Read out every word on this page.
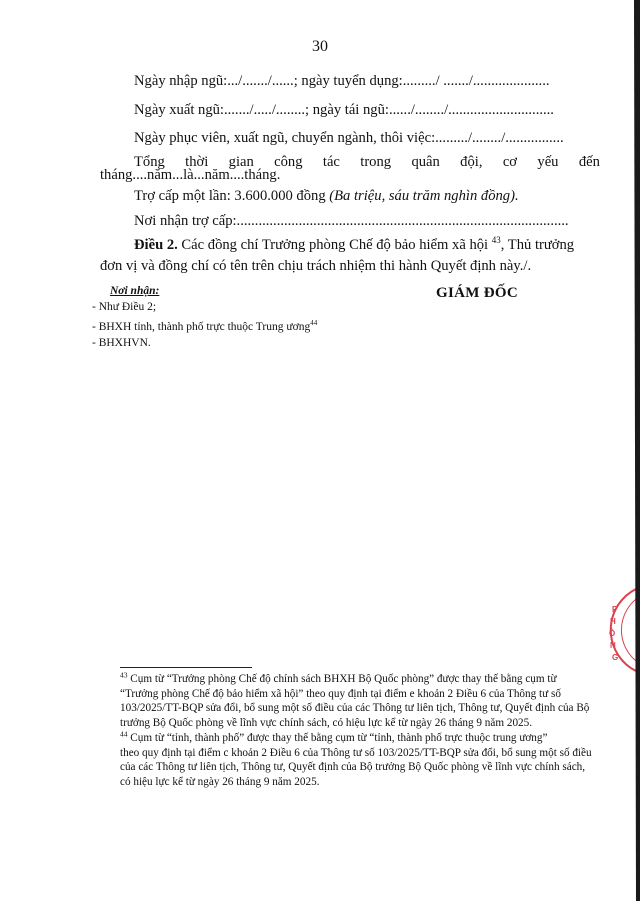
30
Ngày nhập ngũ:.../......./......; ngày tuyển dụng:........./ ......./.....................
Ngày xuất ngũ:......./...../........; ngày tái ngũ:....../......../.............................
Ngày phục viên, xuất ngũ, chuyển ngành, thôi việc:........./......../................
Tổng thời gian công tác trong quân đội, cơ yếu đến
tháng....năm...là...năm....tháng.
Trợ cấp một lần: 3.600.000 đồng (Ba triệu, sáu trăm nghìn đồng).
Nơi nhận trợ cấp:...........................................................................................
Điều 2. Các đồng chí Trưởng phòng Chế độ bảo hiểm xã hội $^{43}$, Thủ trưởng
đơn vị và đồng chí có tên trên chịu trách nhiệm thi hành Quyết định này./.
Nơi nhận:
- Như Điều 2;
- BHXH tỉnh, thành phố trực thuộc Trung ương$^{44}$
- BHXHVN.
GIÁM ĐỐC
$^{43}$ Cụm từ “Trưởng phòng Chế độ chính sách BHXH Bộ Quốc phòng” được thay thế bằng cụm từ
“Trưởng phòng Chế độ bảo hiểm xã hội” theo quy định tại điểm e khoản 2 Điều 6 của Thông tư số
103/2025/TT-BQP sửa đổi, bổ sung một số điều của các Thông tư liên tịch, Thông tư, Quyết định của Bộ
trưởng Bộ Quốc phòng về lĩnh vực chính sách, có hiệu lực kể từ ngày 26 tháng 9 năm 2025.
$^{44}$ Cụm từ “tỉnh, thành phố” được thay thế bằng cụm từ “tỉnh, thành phố trực thuộc trung ương”
theo quy định tại điểm c khoản 2 Điều 6 của Thông tư số 103/2025/TT-BQP sửa đổi, bổ sung một số điều
của các Thông tư liên tịch, Thông tư, Quyết định của Bộ trưởng Bộ Quốc phòng về lĩnh vực chính sách,
có hiệu lực kể từ ngày 26 tháng 9 năm 2025.
P
H
Ò
N
G
